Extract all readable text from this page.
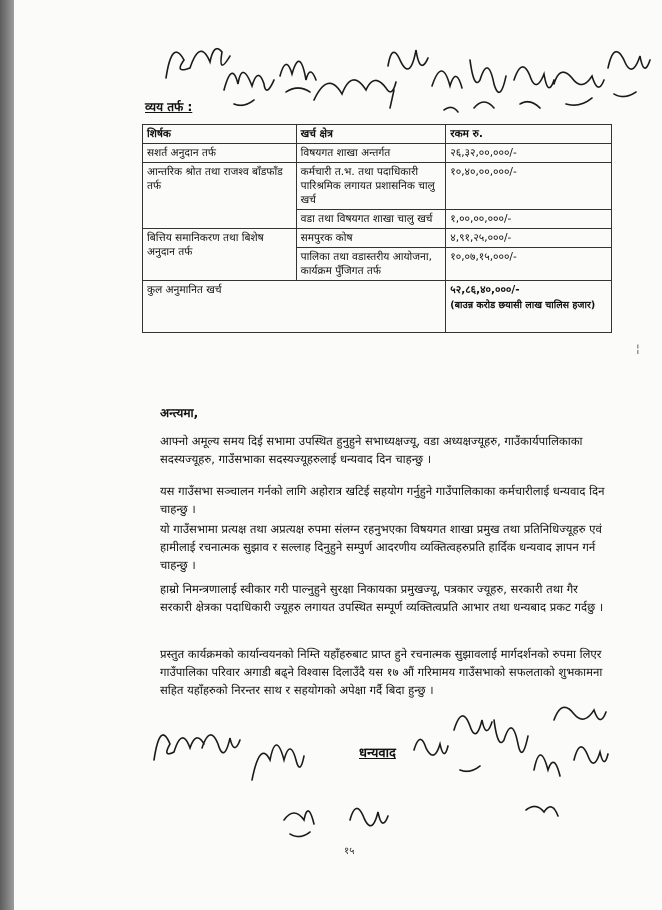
व्यय तर्फ :
शिर्षक	खर्च क्षेत्र	रकम रु.
सशर्त अनुदान तर्फ	विषयगत शाखा अन्तर्गत	२६,३२,००,०००/-
आन्तरिक श्रोत तथा राजश्व बाँडफाँड तर्फ	कर्मचारी त.भ. तथा पदाधिकारी पारिश्रमिक लगायत प्रशासनिक चालु खर्च	१०,४०,००,०००/-
	वडा तथा विषयगत शाखा चालु खर्च	१,००,००,०००/-
बित्तिय समानिकरण तथा बिशेष अनुदान तर्फ	समपुरक कोष	४,९१,२५,०००/-
	पालिका तथा वडास्तरीय आयोजना, कार्यक्रम पुँजिगत तर्फ	१०,०७,१५,०००/-
कुल अनुमानित खर्च		५२,८६,४०,०००/-
(बाउन्न करोड छयासी लाख चालिस हजार)
¦
अन्त्यमा,

आफ्नो अमूल्य समय दिई सभामा उपस्थित हुनुहुने सभाध्यक्षज्यू, वडा अध्यक्षज्यूहरु, गाउँकार्यपालिकाका सदस्यज्यूहरु, गाउँसभाका सदस्यज्यूहरुलाई धन्यवाद दिन चाहन्छु ।

यस गाउँसभा सञ्चालन गर्नको लागि अहोरात्र खटिई सहयोग गर्नुहुने गाउँपालिकाका कर्मचारीलाई धन्यवाद दिन चाहन्छु ।

यो गाउँसभामा प्रत्यक्ष तथा अप्रत्यक्ष रुपमा संलग्न रहनुभएका विषयगत शाखा प्रमुख तथा प्रतिनिधिज्यूहरु एवं हामीलाई रचनात्मक सुझाव र सल्लाह दिनुहुने सम्पुर्ण आदरणीय व्यक्तित्वहरुप्रति हार्दिक धन्यवाद ज्ञापन गर्न चाहन्छु ।

हाम्रो निमन्त्रणालाई स्वीकार गरी पाल्नुहुने सुरक्षा निकायका प्रमुखज्यू, पत्रकार ज्यूहरु, सरकारी तथा गैर सरकारी क्षेत्रका पदाधिकारी ज्यूहरु लगायत उपस्थित सम्पूर्ण व्यक्तित्वप्रति आभार तथा धन्यबाद प्रकट गर्दछु ।

प्रस्तुत कार्यक्रमको कार्यान्वयनको निम्ति यहाँहरुबाट प्राप्त हुने रचनात्मक सुझावलाई मार्गदर्शनको रुपमा लिएर गाउँपालिका परिवार अगाडी बढ्ने विश्वास दिलाउँदै यस १७ औं गरिमामय गाउँसभाको सफलताको शुभकामना सहित यहाँहरुको निरन्तर साथ र सहयोगको अपेक्षा गर्दै बिदा हुन्छु ।

धन्यवाद
१५
